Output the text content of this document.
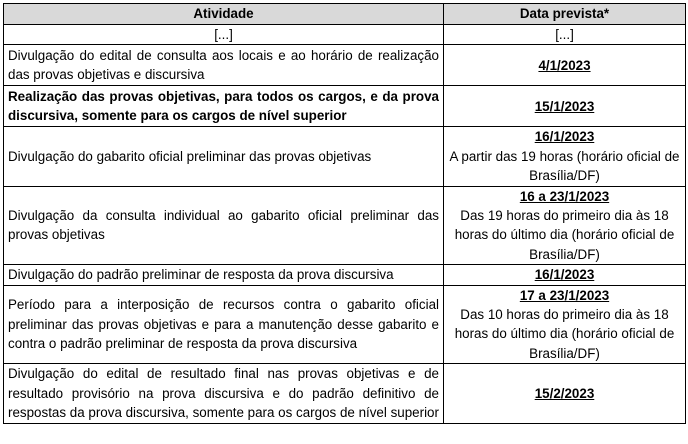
Atividade	Data prevista*
[...]	[...]
Divulgação do edital de consulta aos locais e ao horário de realização das provas objetivas e discursiva	4/1/2023

Realização das provas objetivas, para todos os cargos, e da prova discursiva, somente para os cargos de nível superior	15/1/2023

Divulgação do gabarito oficial preliminar das provas objetivas	16/1/2023
A partir das 19 horas (horário oficial de Brasília/DF)

Divulgação da consulta individual ao gabarito oficial preliminar das provas objetivas	16 a 23/1/2023
Das 19 horas do primeiro dia às 18 horas do último dia (horário oficial de Brasília/DF)

Divulgação do padrão preliminar de resposta da prova discursiva	16/1/2023

Período para a interposição de recursos contra o gabarito oficial preliminar das provas objetivas e para a manutenção desse gabarito e contra o padrão preliminar de resposta da prova discursiva	17 a 23/1/2023
Das 10 horas do primeiro dia às 18 horas do último dia (horário oficial de Brasília/DF)

Divulgação do edital de resultado final nas provas objetivas e de resultado provisório na prova discursiva e do padrão definitivo de respostas da prova discursiva, somente para os cargos de nível superior	15/2/2023
